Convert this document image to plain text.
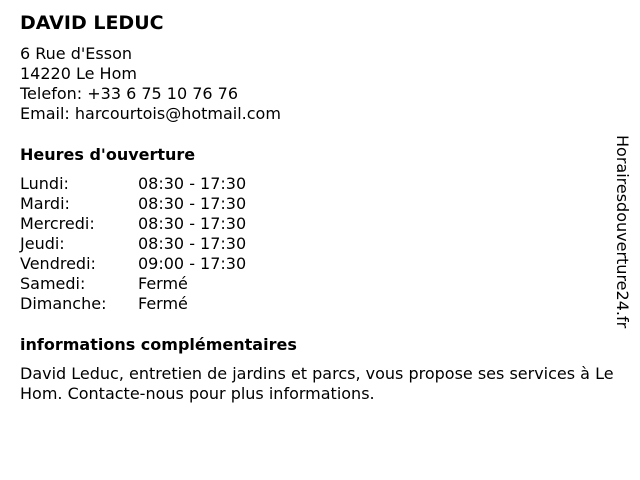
DAVID LEDUC
6 Rue d'Esson
14220 Le Hom
Telefon: +33 6 75 10 76 76
Email: harcourtois@hotmail.com
Heures d'ouverture
Lundi:	08:30 - 17:30
Mardi:	08:30 - 17:30
Mercredi:	08:30 - 17:30
Jeudi:	08:30 - 17:30
Vendredi:	09:00 - 17:30
Samedi:	Fermé
Dimanche:	Fermé
informations complémentaires

David Leduc, entretien de jardins et parcs, vous propose ses services à Le Hom. Contacte-nous pour plus informations.

Horairesdouverture24.fr
